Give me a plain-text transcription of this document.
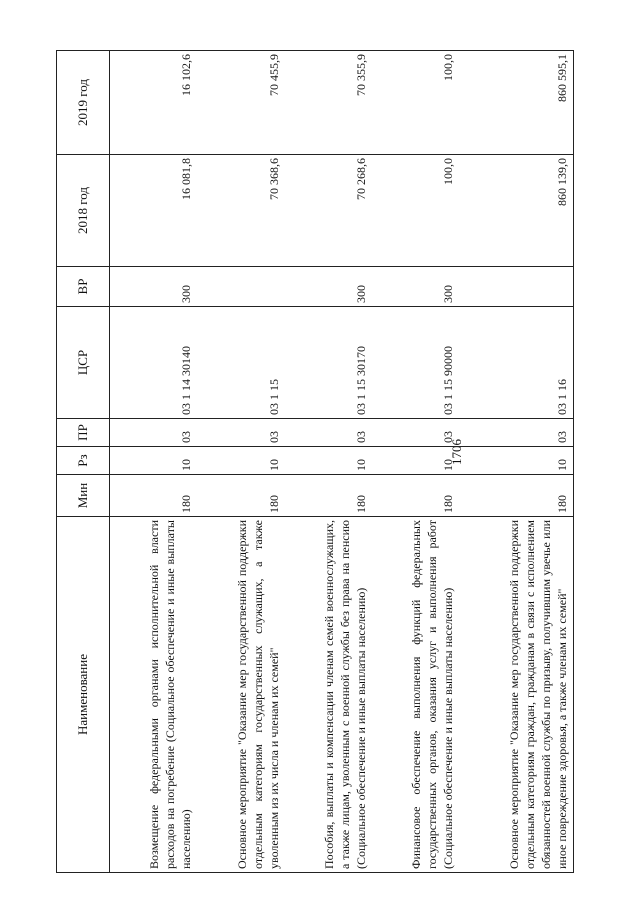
1706
Наименование	Мин	Рз	ПР	ЦСР	ВР	2018 год	2019 год
Возмещение федеральными органами исполнительной власти расходов на погребение (Социальное обеспечение и иные выплаты населению)	180	10	03	03 1 14 30140	300	16 081,8	16 102,6
Основное мероприятие "Оказание мер государственной поддержки отдельным категориям государственных служащих, а также уволенным из их числа и членам их семей"	180	10	03	03 1 15		70 368,6	70 455,9
Пособия, выплаты и компенсации членам семей военнослужащих, а также лицам, уволенным с военной службы без права на пенсию (Социальное обеспечение и иные выплаты населению)	180	10	03	03 1 15 30170	300	70 268,6	70 355,9
Финансовое обеспечение выполнения функций федеральных государственных органов, оказания услуг и выполнения работ (Социальное обеспечение и иные выплаты населению)	180	10	03	03 1 15 90000	300	100,0	100,0
Основное мероприятие "Оказание мер государственной поддержки отдельным категориям граждан, гражданам в связи с исполнением обязанностей военной службы по призыву, получившим увечье или иное повреждение здоровья, а также членам их семей"	180	10	03	03 1 16		860 139,0	860 595,1
